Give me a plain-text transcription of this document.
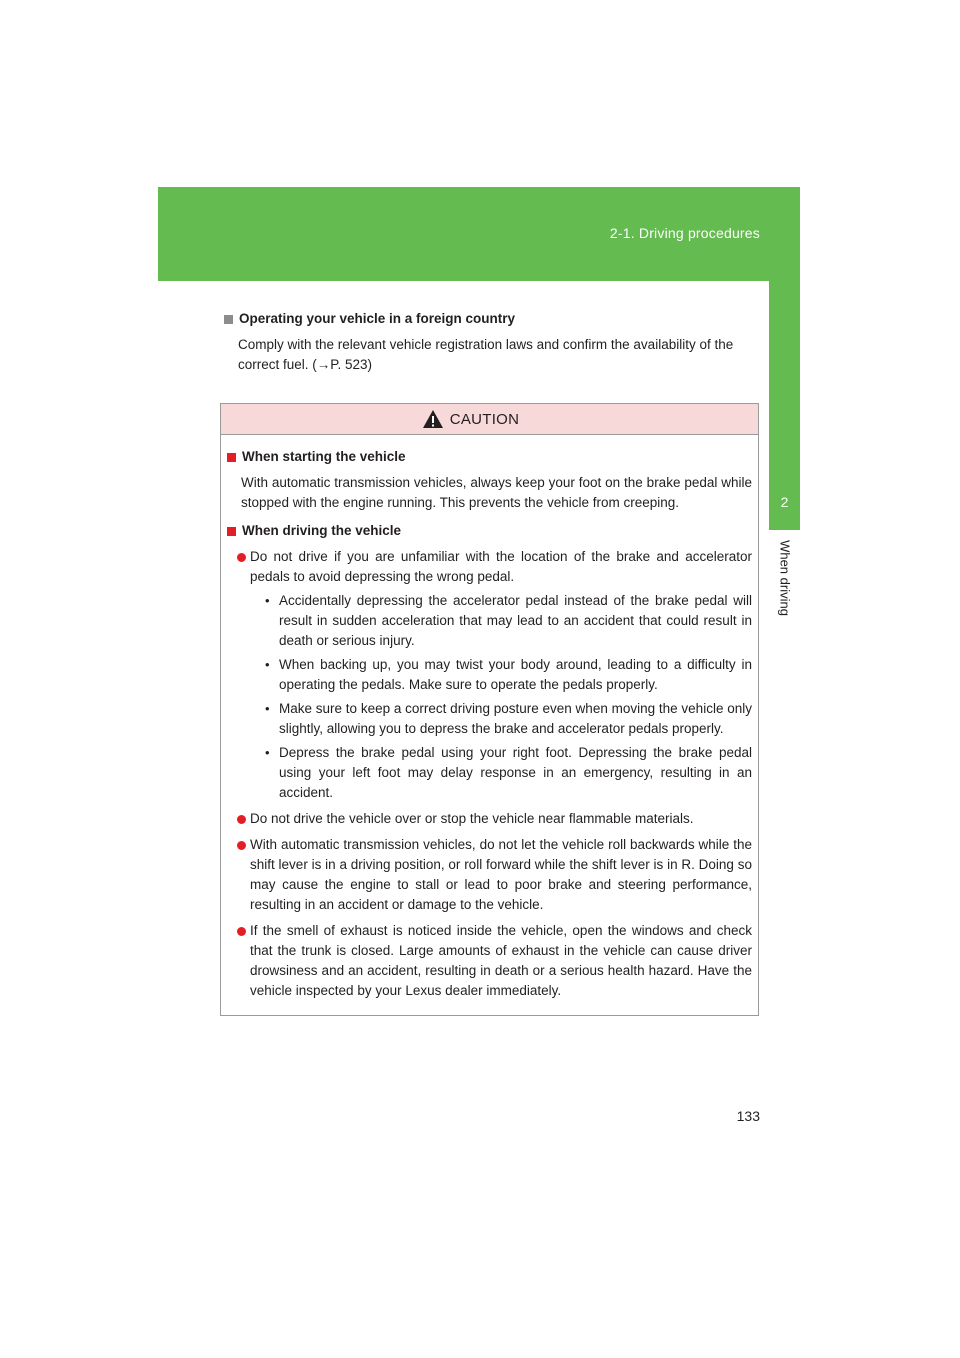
2-1. Driving procedures
2
When driving
Operating your vehicle in a foreign country
Comply with the relevant vehicle registration laws and confirm the availability of the correct fuel. (→P. 523)
CAUTION
When starting the vehicle
With automatic transmission vehicles, always keep your foot on the brake pedal while stopped with the engine running. This prevents the vehicle from creeping.
When driving the vehicle
Do not drive if you are unfamiliar with the location of the brake and accelerator pedals to avoid depressing the wrong pedal.
• Accidentally depressing the accelerator pedal instead of the brake pedal will result in sudden acceleration that may lead to an accident that could result in death or serious injury.
• When backing up, you may twist your body around, leading to a difficulty in operating the pedals. Make sure to operate the pedals properly.
• Make sure to keep a correct driving posture even when moving the vehicle only slightly, allowing you to depress the brake and accelerator pedals properly.
• Depress the brake pedal using your right foot. Depressing the brake pedal using your left foot may delay response in an emergency, resulting in an accident.
Do not drive the vehicle over or stop the vehicle near flammable materials.
With automatic transmission vehicles, do not let the vehicle roll backwards while the shift lever is in a driving position, or roll forward while the shift lever is in R. Doing so may cause the engine to stall or lead to poor brake and steering performance, resulting in an accident or damage to the vehicle.
If the smell of exhaust is noticed inside the vehicle, open the windows and check that the trunk is closed. Large amounts of exhaust in the vehicle can cause driver drowsiness and an accident, resulting in death or a serious health hazard. Have the vehicle inspected by your Lexus dealer immediately.
133
